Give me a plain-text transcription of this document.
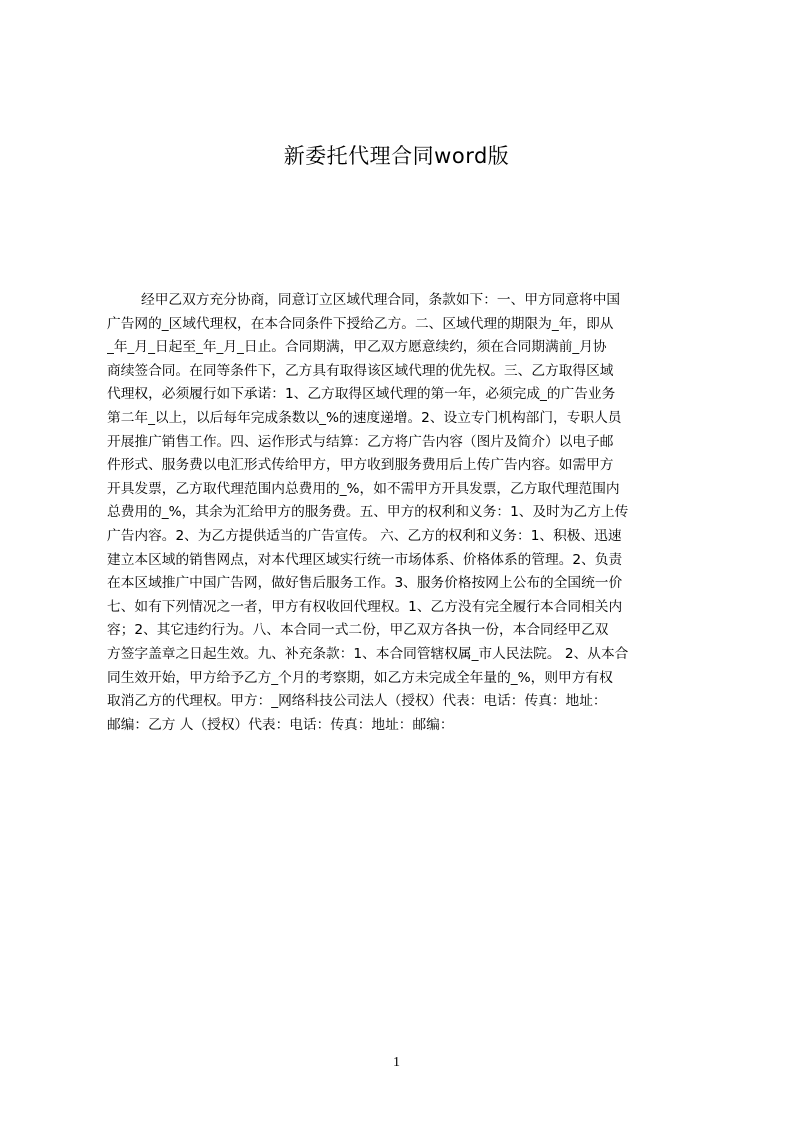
新委托代理合同word版
经甲乙双方充分协商，同意订立区域代理合同，条款如下：一、甲方同意将中国
广告网的_区域代理权，在本合同条件下授给乙方。二、区域代理的期限为_年，即从
_年_月_日起至_年_月_日止。合同期满，甲乙双方愿意续约，须在合同期满前_月协
商续签合同。在同等条件下，乙方具有取得该区域代理的优先权。三、乙方取得区域
代理权，必须履行如下承诺：1、乙方取得区域代理的第一年，必须完成_的广告业务
第二年_以上，以后每年完成条数以_%的速度递增。2、设立专门机构部门，专职人员
开展推广销售工作。四、运作形式与结算：乙方将广告内容（图片及简介）以电子邮
件形式、服务费以电汇形式传给甲方，甲方收到服务费用后上传广告内容。如需甲方
开具发票，乙方取代理范围内总费用的_%，如不需甲方开具发票，乙方取代理范围内
总费用的_%，其余为汇给甲方的服务费。五、甲方的权利和义务：1、及时为乙方上传
广告内容。2、为乙方提供适当的广告宣传。 六、乙方的权利和义务：1、积极、迅速
建立本区域的销售网点，对本代理区域实行统一市场体系、价格体系的管理。2、负责
在本区域推广中国广告网，做好售后服务工作。3、服务价格按网上公布的全国统一价
七、如有下列情况之一者，甲方有权收回代理权。1、乙方没有完全履行本合同相关内
容；2、其它违约行为。八、本合同一式二份，甲乙双方各执一份，本合同经甲乙双
方签字盖章之日起生效。九、补充条款：1、本合同管辖权属_市人民法院。 2、从本合
同生效开始，甲方给予乙方_个月的考察期，如乙方未完成全年量的_%，则甲方有权
取消乙方的代理权。甲方：_网络科技公司法人（授权）代表：电话：传真：地址：
邮编：乙方 人（授权）代表：电话：传真：地址：邮编：
1
